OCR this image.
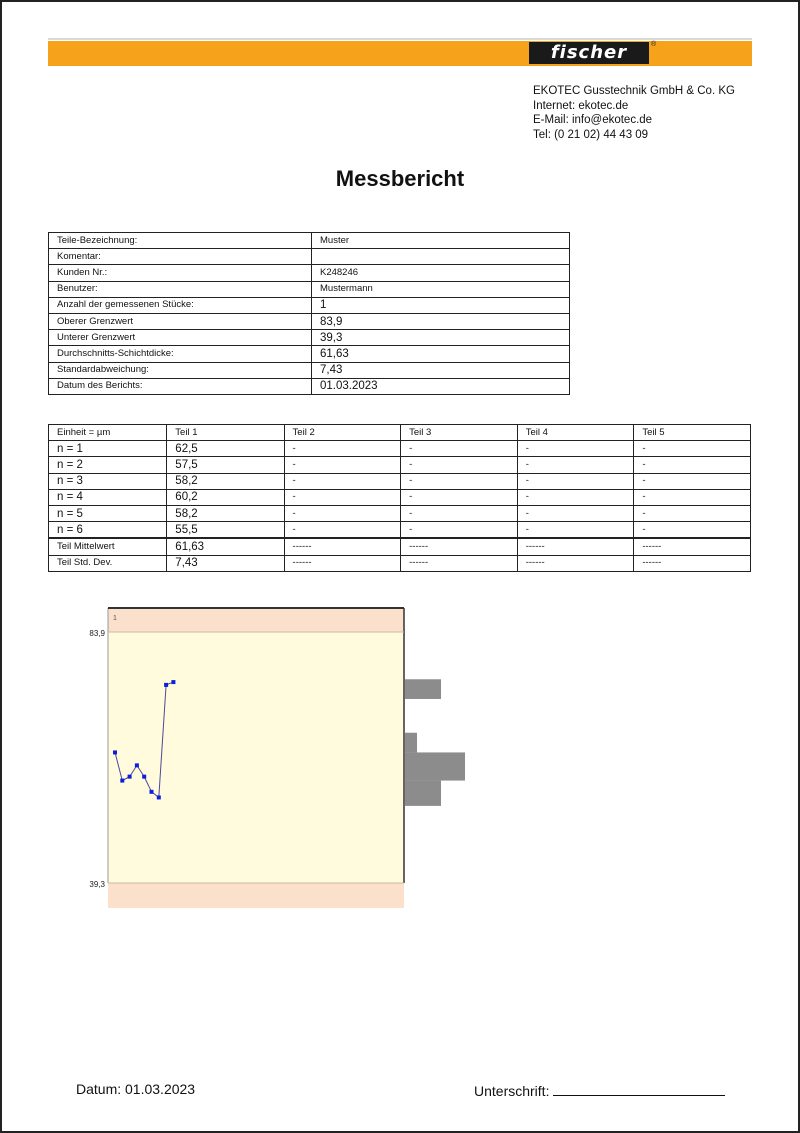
fischer	®
EKOTEC Gusstechnik GmbH & Co. KG
Internet: ekotec.de
E-Mail: info@ekotec.de
Tel: (0 21 02) 44 43 09
Messbericht
Teile-Bezeichnung:	Muster
Komentar:	
Kunden Nr.:	K248246
Benutzer:	Mustermann
Anzahl der gemessenen Stücke:	1
Oberer Grenzwert	83,9
Unterer Grenzwert	39,3
Durchschnitts-Schichtdicke:	61,63
Standardabweichung:	7,43
Datum des Berichts:	01.03.2023
Einheit = µm	Teil 1	Teil 2	Teil 3	Teil 4	Teil 5
n = 1	62,5	-	-	-	-
n = 2	57,5	-	-	-	-
n = 3	58,2	-	-	-	-
n = 4	60,2	-	-	-	-
n = 5	58,2	-	-	-	-
n = 6	55,5	-	-	-	-
Teil Mittelwert	61,63	------	------	------	------
Teil Std. Dev.	7,43	------	------	------	------
1
83,9
39,3
Datum: 01.03.2023	Unterschrift:
